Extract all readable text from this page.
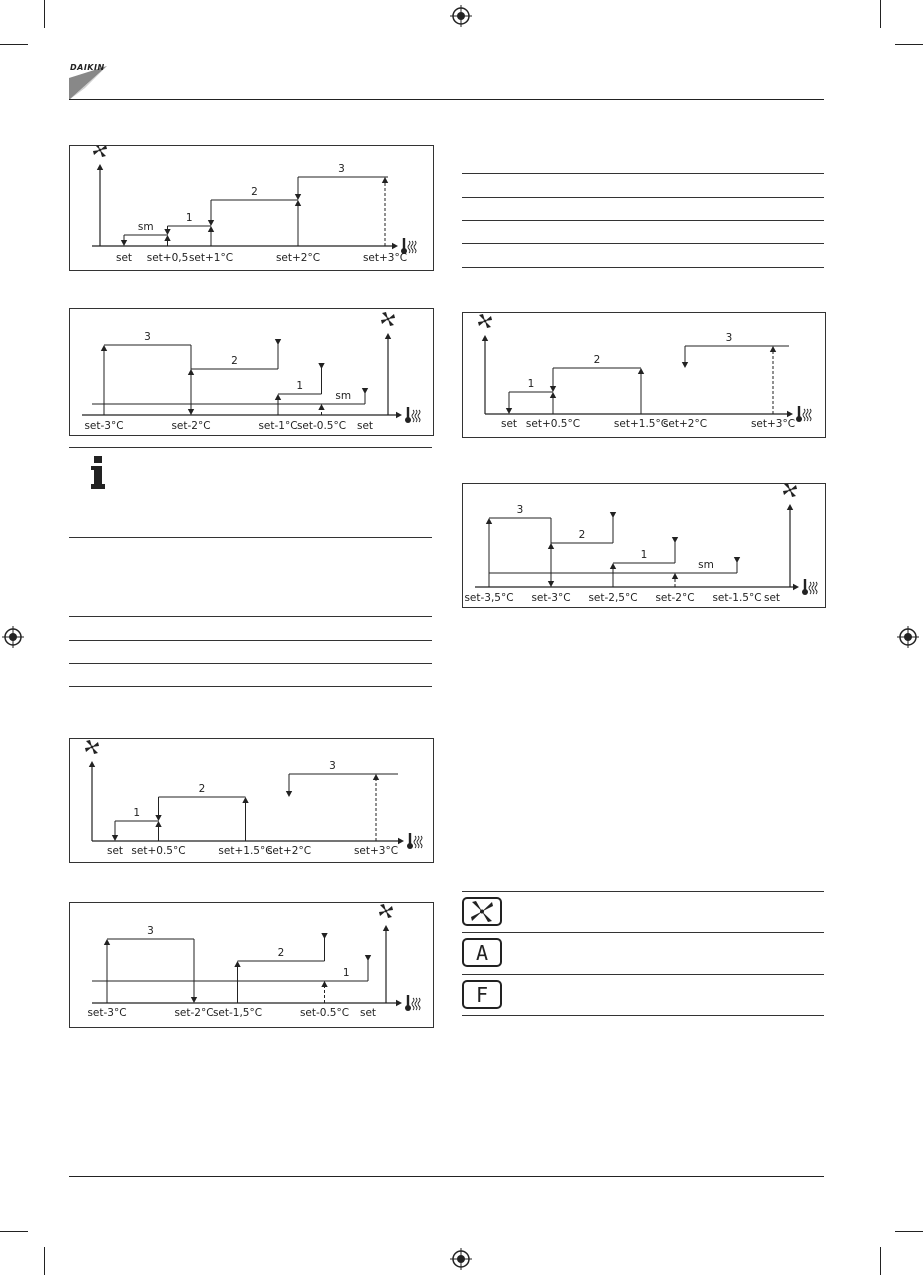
DAIKIN
sm
1
2
3
set set+0,5 set+1°C	set+2°C	set+3°C
3
2
1
sm
set-3°C	set-2°C	set-1°C set-0.5°C set
1
2
3
set set+0.5°C	set+1.5°C
set+2°C	set+3°C
3
2
1
set-3°C	set-2°C set-1,5°C	set-0.5°C set
1
2
3
set set+0.5°C	set+1.5°C
set+2°C	set+3°C
3
2
1
sm
set-3,5°C set-3°C set-2,5°C set-2°C set-1.5°C set
A
F
